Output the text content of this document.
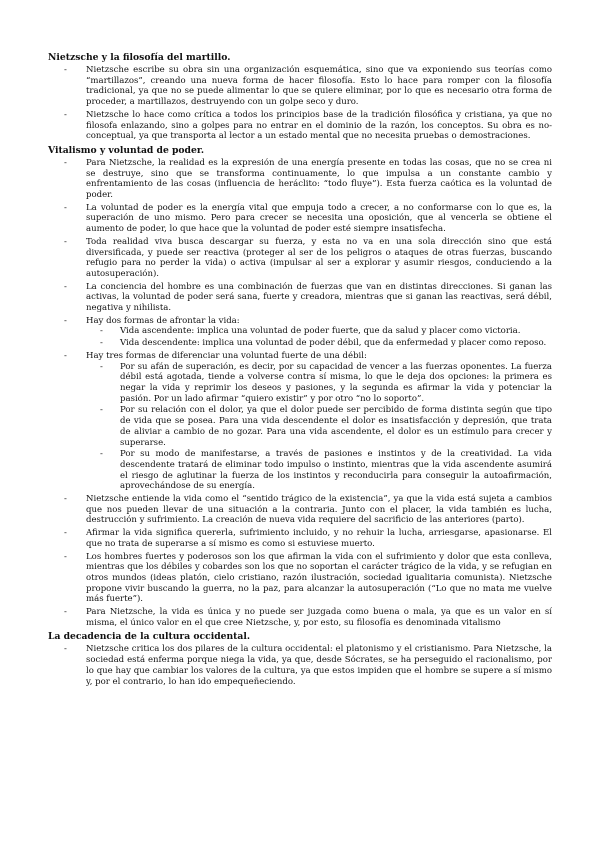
Nietzsche y la filosofía del martillo.
- Nietzsche escribe su obra sin una organización esquemática, sino que va exponiendo sus teorías como “martillazos”, creando una nueva forma de hacer filosofía. Esto lo hace para romper con la filosofía tradicional, ya que no se puede alimentar lo que se quiere eliminar, por lo que es necesario otra forma de proceder, a martillazos, destruyendo con un golpe seco y duro.
- Nietzsche lo hace como crítica a todos los principios base de la tradición filosófica y cristiana, ya que no filosofa enlazando, sino a golpes para no entrar en el dominio de la razón, los conceptos. Su obra es no-conceptual, ya que transporta al lector a un estado mental que no necesita pruebas o demostraciones.
Vitalismo y voluntad de poder.
- Para Nietzsche, la realidad es la expresión de una energía presente en todas las cosas, que no se crea ni se destruye, sino que se transforma continuamente, lo que impulsa a un constante cambio y enfrentamiento de las cosas (influencia de heráclito: “todo fluye”). Esta fuerza caótica es la voluntad de poder.
- La voluntad de poder es la energía vital que empuja todo a crecer, a no conformarse con lo que es, la superación de uno mismo. Pero para crecer se necesita una oposición, que al vencerla se obtiene el aumento de poder, lo que hace que la voluntad de poder esté siempre insatisfecha.
- Toda realidad viva busca descargar su fuerza, y esta no va en una sola dirección sino que está diversificada, y puede ser reactiva (proteger al ser de los peligros o ataques de otras fuerzas, buscando refugio para no perder la vida) o activa (impulsar al ser a explorar y asumir riesgos, conduciendo a la autosuperación).
- La conciencia del hombre es una combinación de fuerzas que van en distintas direcciones. Si ganan las activas, la voluntad de poder será sana, fuerte y creadora, mientras que si ganan las reactivas, será débil, negativa y nihilista.
- Hay dos formas de afrontar la vida:
- Vida ascendente: implica una voluntad de poder fuerte, que da salud y placer como victoria.
- Vida descendente: implica una voluntad de poder débil, que da enfermedad y placer como reposo.
- Hay tres formas de diferenciar una voluntad fuerte de una débil:
- Por su afán de superación, es decir, por su capacidad de vencer a las fuerzas oponentes. La fuerza débil está agotada, tiende a volverse contra sí misma, lo que le deja dos opciones: la primera es negar la vida y reprimir los deseos y pasiones, y la segunda es afirmar la vida y potenciar la pasión. Por un lado afirmar “quiero existir” y por otro “no lo soporto”.
- Por su relación con el dolor, ya que el dolor puede ser percibido de forma distinta según que tipo de vida que se posea. Para una vida descendente el dolor es insatisfacción y depresión, que trata de aliviar a cambio de no gozar. Para una vida ascendente, el dolor es un estímulo para crecer y superarse.
- Por su modo de manifestarse, a través de pasiones e instintos y de la creatividad. La vida descendente tratará de eliminar todo impulso o instinto, mientras que la vida ascendente asumirá el riesgo de aglutinar la fuerza de los instintos y reconducirla para conseguir la autoafirmación, aprovechándose de su energía.
- Nietzsche entiende la vida como el “sentido trágico de la existencia”, ya que la vida está sujeta a cambios que nos pueden llevar de una situación a la contraria. Junto con el placer, la vida también es lucha, destrucción y sufrimiento. La creación de nueva vida requiere del sacrificio de las anteriores (parto).
- Afirmar la vida significa quererla, sufrimiento incluido, y no rehuir la lucha, arriesgarse, apasionarse. El que no trata de superarse a sí mismo es como si estuviese muerto.
- Los hombres fuertes y poderosos son los que afirman la vida con el sufrimiento y dolor que esta conlleva, mientras que los débiles y cobardes son los que no soportan el carácter trágico de la vida, y se refugian en otros mundos (ideas platón, cielo cristiano, razón ilustración, sociedad igualitaria comunista). Nietzsche propone vivir buscando la guerra, no la paz, para alcanzar la autosuperación (“Lo que no mata me vuelve más fuerte”).
- Para Nietzsche, la vida es única y no puede ser juzgada como buena o mala, ya que es un valor en sí misma, el único valor en el que cree Nietzsche, y, por esto, su filosofía es denominada vitalismo
La decadencia de la cultura occidental.
- Nietzsche critica los dos pilares de la cultura occidental: el platonismo y el cristianismo. Para Nietzsche, la sociedad está enferma porque niega la vida, ya que, desde Sócrates, se ha perseguido el racionalismo, por lo que hay que cambiar los valores de la cultura, ya que estos impiden que el hombre se supere a sí mismo y, por el contrario, lo han ido empequeñeciendo.
